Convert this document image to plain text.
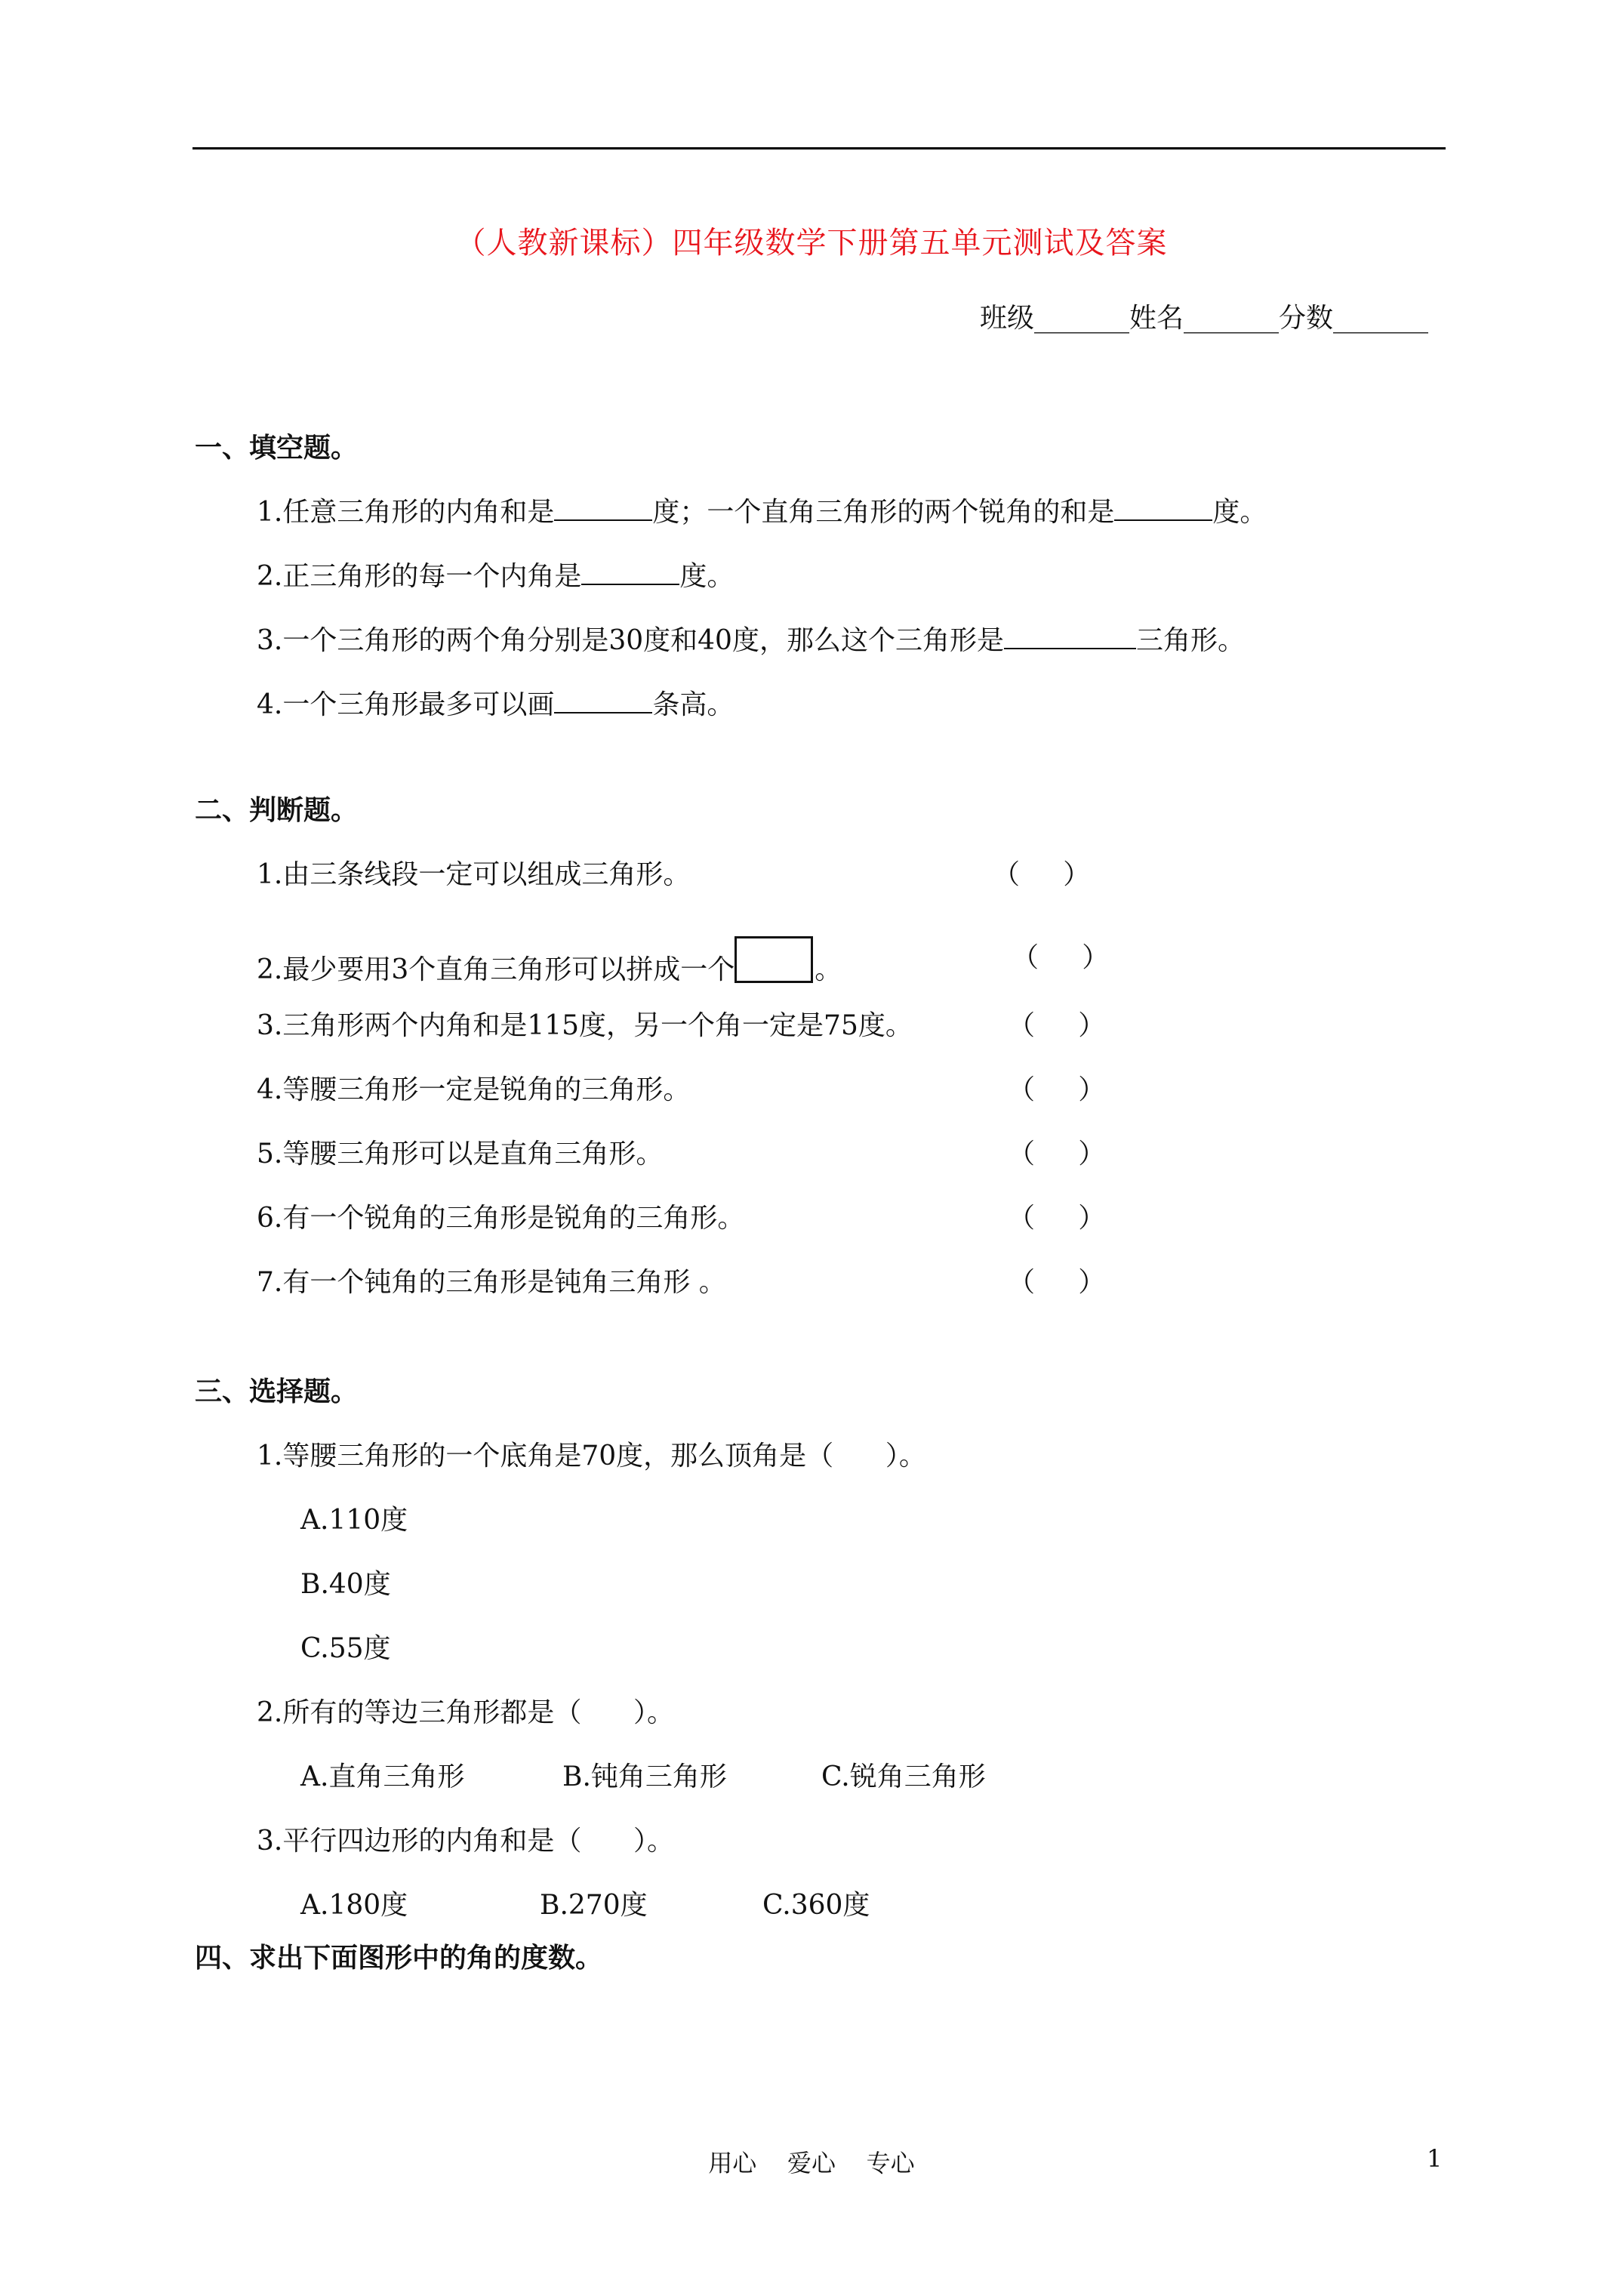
（人教新课标）四年级数学下册第五单元测试及答案
班级_______姓名_______分数_______
一、填空题。
1.任意三角形的内角和是	度；一个直角三角形的两个锐角的和是	度。
2.正三角形的每一个内角是	度。
3.一个三角形的两个角分别是30度和40度，那么这个三角形是	三角形。
4.一个三角形最多可以画	条高。
二、判断题。
1.由三条线段一定可以组成三角形。	（     ）
2.最少要用3个直角三角形可以拼成一个	。	（     ）
3.三角形两个内角和是115度，另一个角一定是75度。	（     ）
4.等腰三角形一定是锐角的三角形。	（     ）
5.等腰三角形可以是直角三角形。	（     ）
6.有一个锐角的三角形是锐角的三角形。	（     ）
7.有一个钝角的三角形是钝角三角形 。	（     ）
三、选择题。
1.等腰三角形的一个底角是70度，那么顶角是（      ）。
A.110度
B.40度
C.55度
2.所有的等边三角形都是（      ）。
A.直角三角形	B.钝角三角形	C.锐角三角形
3.平行四边形的内角和是（      ）。
A.180度	B.270度	C.360度
四、求出下面图形中的角的度数。
用心    爱心    专心	1
